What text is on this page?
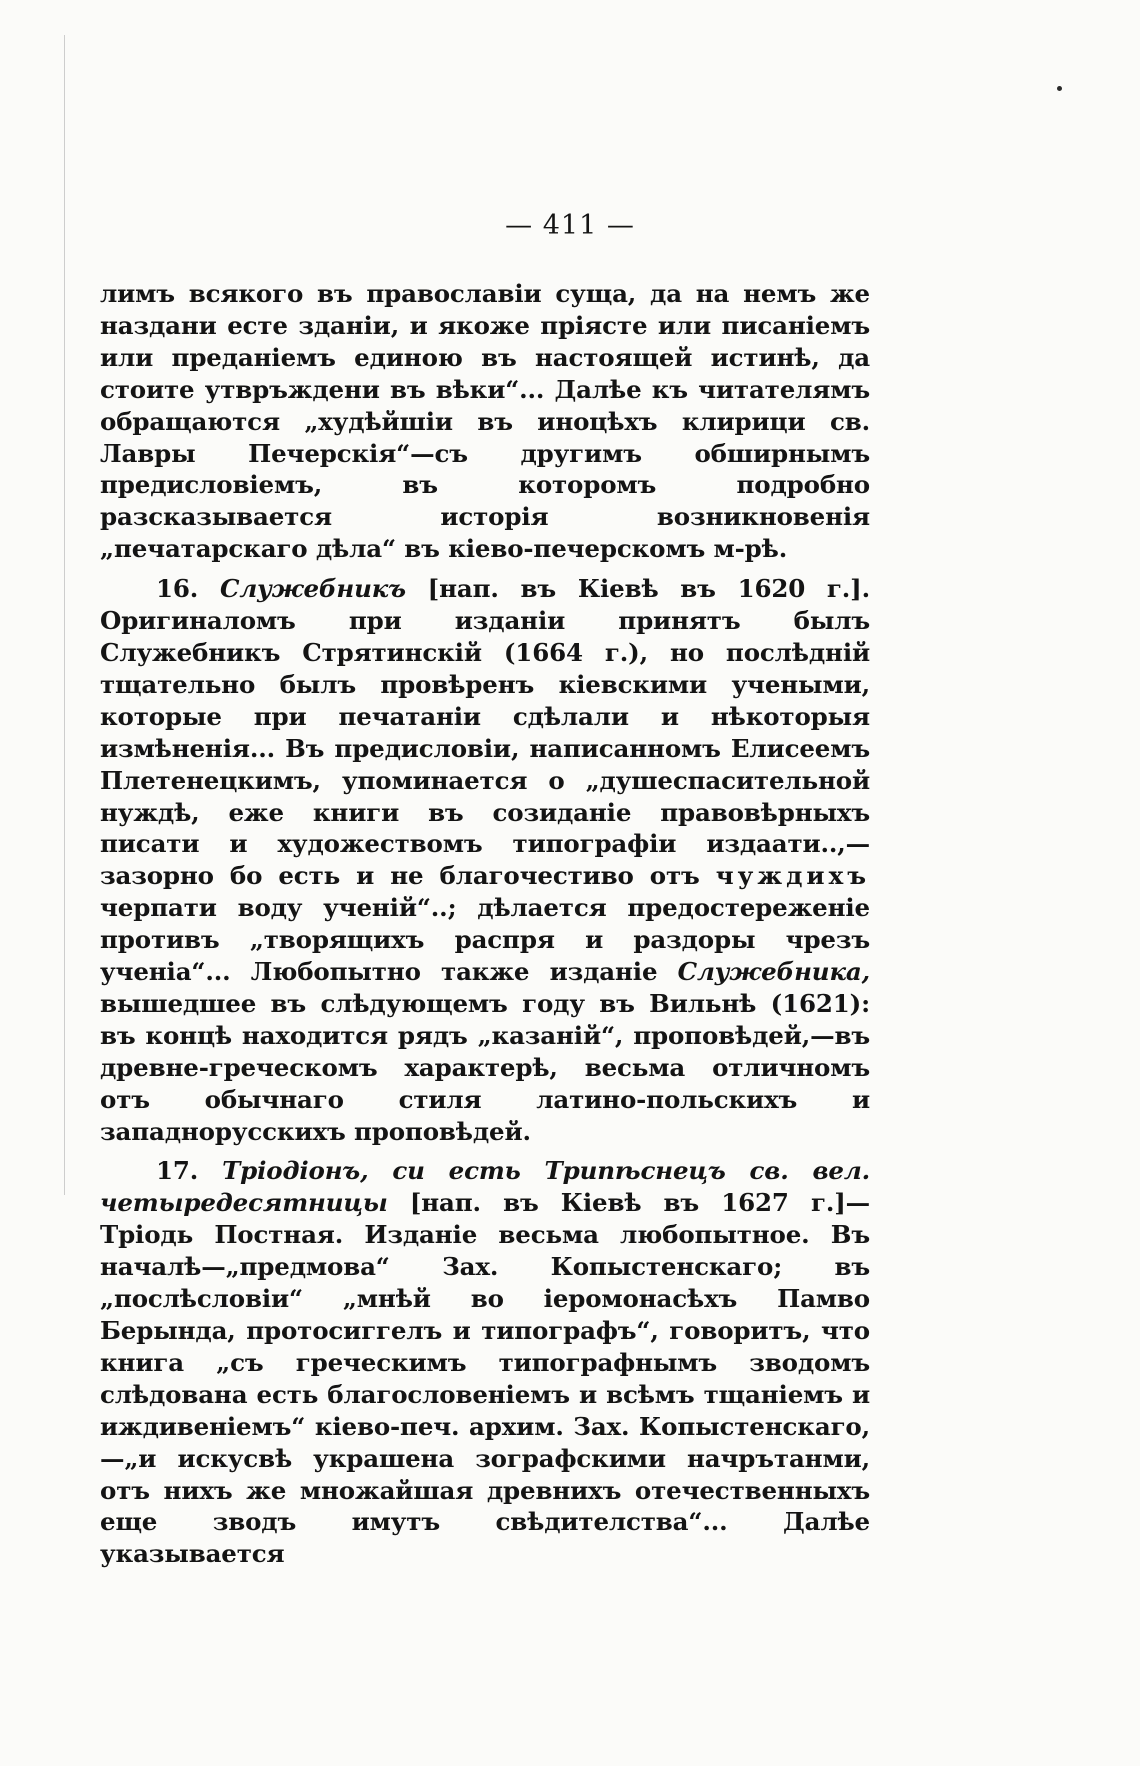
— 411 —

лимъ всякого въ православіи суща, да на немъ же наздани есте зданіи, и якоже пріясте или писаніемъ или преданіемъ единою въ настоящей истинѣ, да стоите утвръждени въ вѣки“... Далѣе къ читателямъ обращаются „худѣйшіи въ иноцѣхъ клирици св. Лавры Печерскія“—съ другимъ обширнымъ предисловіемъ, въ которомъ подробно разсказывается исторія возникновенія „печатарскаго дѣла“ въ кіево-печерскомъ м-рѣ.

16. Служебникъ [нап. въ Кіевѣ въ 1620 г.]. Оригиналомъ при изданіи принятъ былъ Служебникъ Стрятинскій (1664 г.), но послѣдній тщательно былъ провѣренъ кіевскими учеными, которые при печатаніи сдѣлали и нѣкоторыя измѣненія... Въ предисловіи, написанномъ Елисеемъ Плетенецкимъ, упоминается о „душеспасительной нуждѣ, еже книги въ созиданіе правовѣрныхъ писати и художествомъ типографіи издаати..,—зазорно бо есть и не благочестиво отъ чуждихъ черпати воду ученій“..; дѣлается предостереженіе противъ „творящихъ распря и раздоры чрезъ ученіа“... Любопытно также изданіе Служебника, вышедшее въ слѣдующемъ году въ Вильнѣ (1621): въ концѣ находится рядъ „казаній“, проповѣдей,—въ древне-греческомъ характерѣ, весьма отличномъ отъ обычнаго стиля латино-польскихъ и западнорусскихъ проповѣдей.

17. Тріодіонъ, си есть Трипѣснецъ св. вел. четыредесятницы [нап. въ Кіевѣ въ 1627 г.]—Тріодь Постная. Изданіе весьма любопытное. Въ началѣ—„предмова“ Зах. Копыстенскаго; въ „послѣсловіи“ „мнѣй во іеромонасѣхъ Памво Берында, протосиггелъ и типографъ“, говоритъ, что книга „съ греческимъ типографнымъ зводомъ слѣдована есть благословеніемъ и всѣмъ тщаніемъ и иждивеніемъ“ кіево-печ. архим. Зах. Копыстенскаго,—„и искусвѣ украшена зографскими начрътанми, отъ нихъ же множайшая древнихъ отечественныхъ еще зводъ имутъ свѣдителства“... Далѣе указывается
